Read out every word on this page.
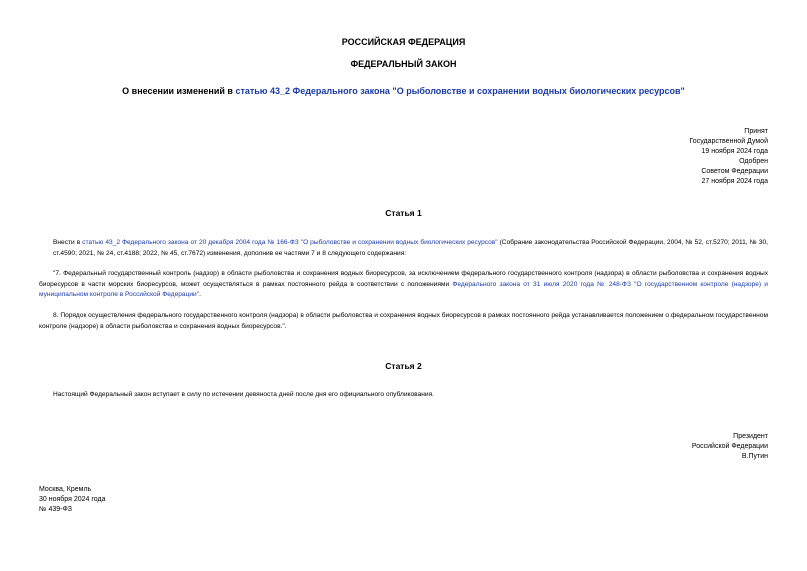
РОССИЙСКАЯ ФЕДЕРАЦИЯ
ФЕДЕРАЛЬНЫЙ ЗАКОН
О внесении изменений в статью 43_2 Федерального закона "О рыболовстве и сохранении водных биологических ресурсов"
Принят
Государственной Думой
19 ноября 2024 года
Одобрен
Советом Федерации
27 ноября 2024 года
Статья 1
Внести в статью 43_2 Федерального закона от 20 декабря 2004 года № 166-ФЗ "О рыболовстве и сохранении водных биологических ресурсов" (Собрание законодательства Российской Федерации, 2004, № 52, ст.5270; 2011, № 30, ст.4590; 2021, № 24, ст.4188; 2022, № 45, ст.7672) изменения, дополнив ее частями 7 и 8 следующего содержания:
"7. Федеральный государственный контроль (надзор) в области рыболовства и сохранения водных биоресурсов, за исключением федерального государственного контроля (надзора) в области рыболовства и сохранения водных биоресурсов в части морских биоресурсов, может осуществляться в рамках постоянного рейда в соответствии с положениями Федерального закона от 31 июля 2020 года № 248-ФЗ "О государственном контроле (надзоре) и муниципальном контроле в Российской Федерации".
8. Порядок осуществления федерального государственного контроля (надзора) в области рыболовства и сохранения водных биоресурсов в рамках постоянного рейда устанавливается положением о федеральном государственном контроле (надзоре) в области рыболовства и сохранения водных биоресурсов.".
Статья 2
Настоящий Федеральный закон вступает в силу по истечении девяноста дней после дня его официального опубликования.
Президент
Российской Федерации
В.Путин
Москва, Кремль
30 ноября 2024 года
№ 439-ФЗ
